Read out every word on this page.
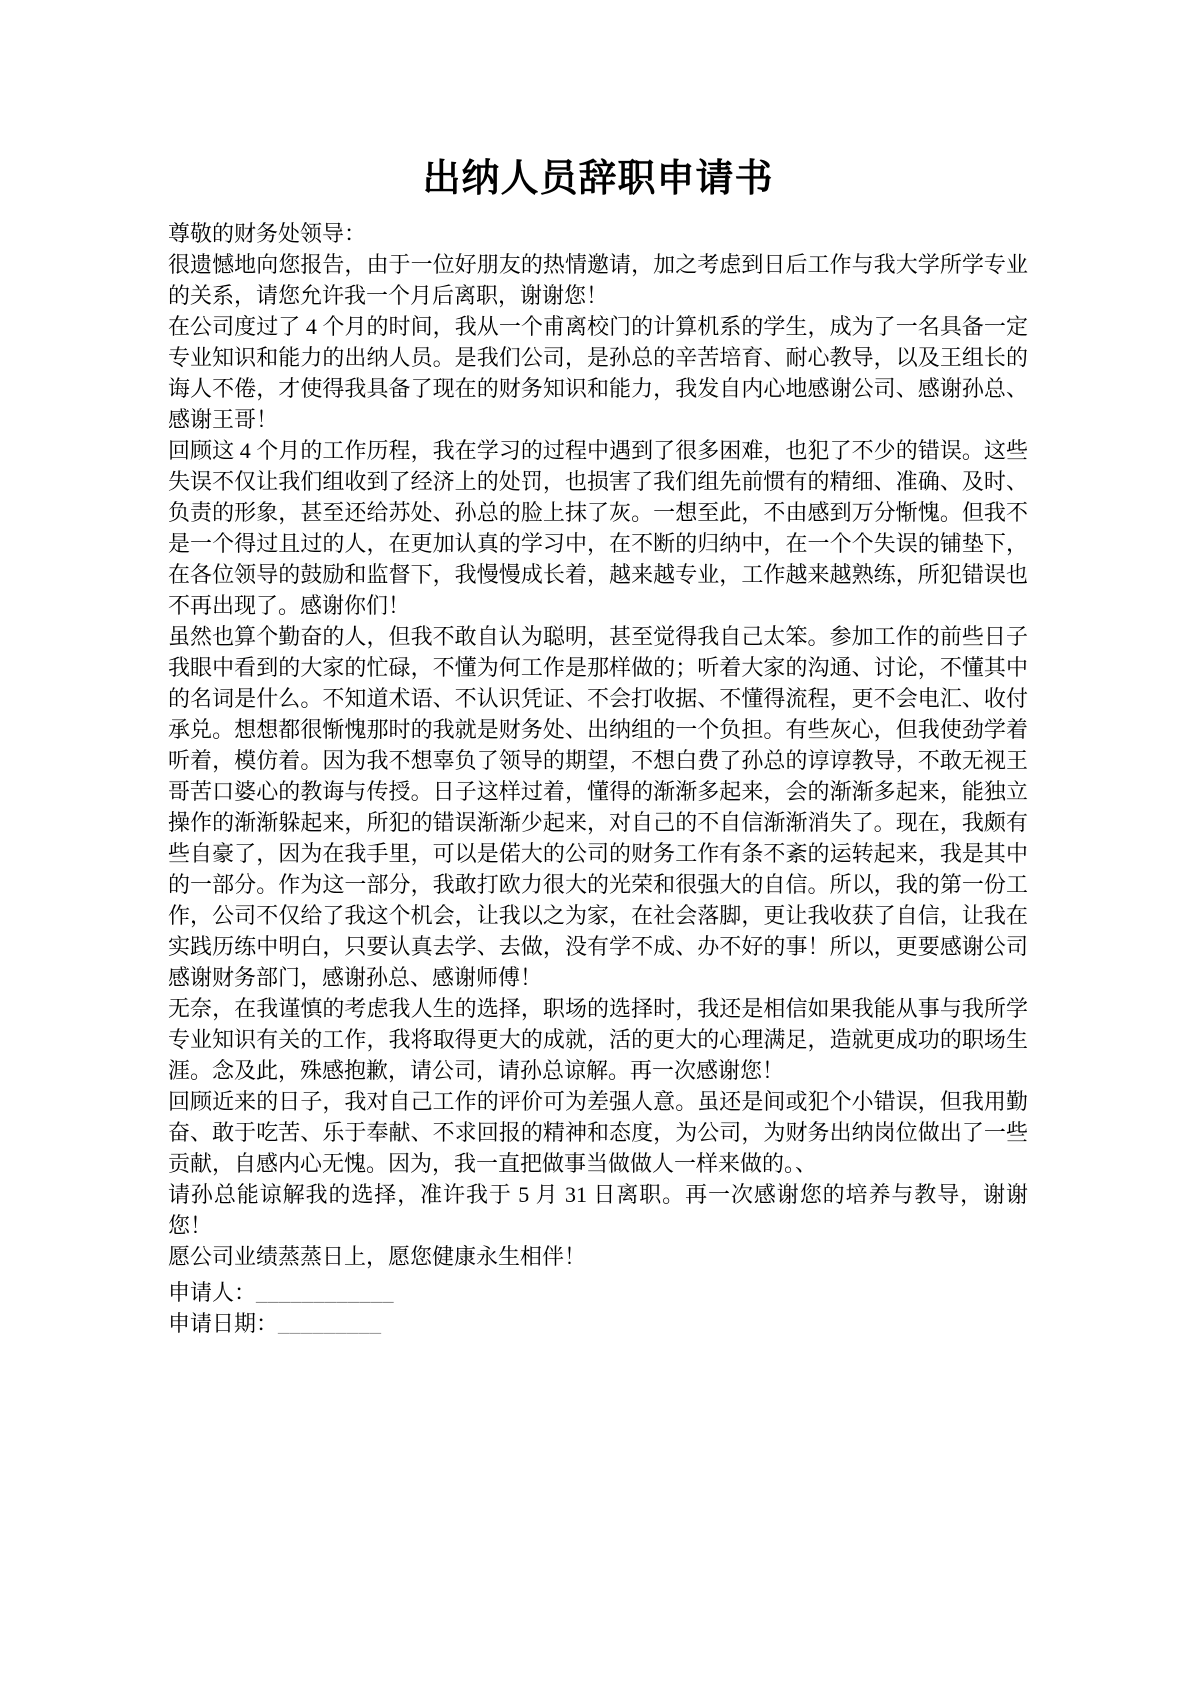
出纳人员辞职申请书

尊敬的财务处领导：

很遗憾地向您报告，由于一位好朋友的热情邀请，加之考虑到日后工作与我大学所学专业的关系，请您允许我一个月后离职，谢谢您！

在公司度过了 4 个月的时间，我从一个甫离校门的计算机系的学生，成为了一名具备一定专业知识和能力的出纳人员。是我们公司，是孙总的辛苦培育、耐心教导，以及王组长的诲人不倦，才使得我具备了现在的财务知识和能力，我发自内心地感谢公司、感谢孙总、感谢王哥！

回顾这 4 个月的工作历程，我在学习的过程中遇到了很多困难，也犯了不少的错误。这些失误不仅让我们组收到了经济上的处罚，也损害了我们组先前惯有的精细、准确、及时、负责的形象，甚至还给苏处、孙总的脸上抹了灰。一想至此，不由感到万分惭愧。但我不是一个得过且过的人，在更加认真的学习中，在不断的归纳中，在一个个失误的铺垫下，在各位领导的鼓励和监督下，我慢慢成长着，越来越专业，工作越来越熟练，所犯错误也不再出现了。感谢你们！

虽然也算个勤奋的人，但我不敢自认为聪明，甚至觉得我自己太笨。参加工作的前些日子我眼中看到的大家的忙碌，不懂为何工作是那样做的；听着大家的沟通、讨论，不懂其中的名词是什么。不知道术语、不认识凭证、不会打收据、不懂得流程，更不会电汇、收付承兑。想想都很惭愧那时的我就是财务处、出纳组的一个负担。有些灰心，但我使劲学着听着，模仿着。因为我不想辜负了领导的期望，不想白费了孙总的谆谆教导，不敢无视王哥苦口婆心的教诲与传授。日子这样过着，懂得的渐渐多起来，会的渐渐多起来，能独立操作的渐渐躲起来，所犯的错误渐渐少起来，对自己的不自信渐渐消失了。现在，我颇有些自豪了，因为在我手里，可以是偌大的公司的财务工作有条不紊的运转起来，我是其中的一部分。作为这一部分，我敢打欧力很大的光荣和很强大的自信。所以，我的第一份工作，公司不仅给了我这个机会，让我以之为家，在社会落脚，更让我收获了自信，让我在实践历练中明白，只要认真去学、去做，没有学不成、办不好的事！所以，更要感谢公司感谢财务部门，感谢孙总、感谢师傅！

无奈，在我谨慎的考虑我人生的选择，职场的选择时，我还是相信如果我能从事与我所学专业知识有关的工作，我将取得更大的成就，活的更大的心理满足，造就更成功的职场生涯。念及此，殊感抱歉，请公司，请孙总谅解。再一次感谢您！

回顾近来的日子，我对自己工作的评价可为差强人意。虽还是间或犯个小错误，但我用勤奋、敢于吃苦、乐于奉献、不求回报的精神和态度，为公司，为财务出纳岗位做出了一些贡献，自感内心无愧。因为，我一直把做事当做做人一样来做的。、

请孙总能谅解我的选择，准许我于 5 月 31 日离职。再一次感谢您的培养与教导，谢谢您！

愿公司业绩蒸蒸日上，愿您健康永生相伴！

申请人：____________

申请日期：_________
